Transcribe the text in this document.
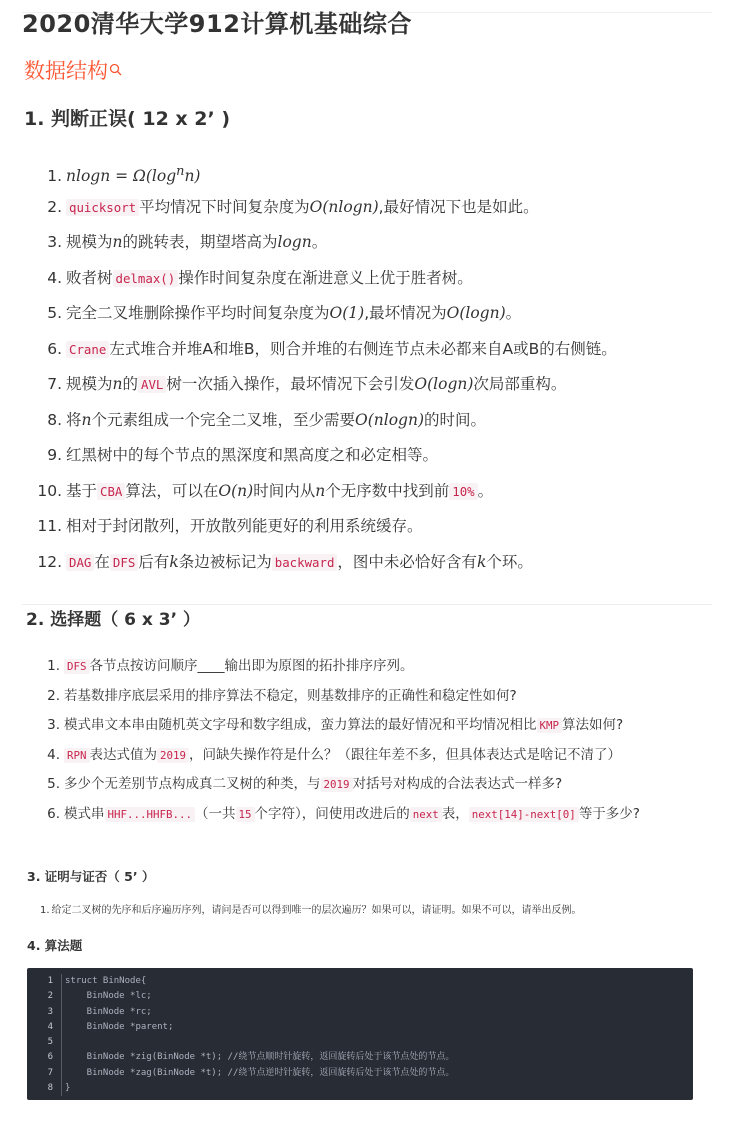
2020清华大学912计算机基础综合
数据结构
1. 判断正误( 12 x 2’ )
1. $nlogn = \Omega(\log^nn)$
2. quicksort 平均情况下时间复杂度为O(nlogn),最好情况下也是如此。
3. 规模为n的跳转表，期望塔高为logn。
4. 败者树 delmax() 操作时间复杂度在渐进意义上优于胜者树。
5. 完全二叉堆删除操作平均时间复杂度为O(1),最坏情况为O(logn)。
6. Crane 左式堆合并堆A和堆B，则合并堆的右侧连节点未必都来自A或B的右侧链。
7. 规模为n的 AVL 树一次插入操作，最坏情况下会引发O(logn)次局部重构。
8. 将n个元素组成一个完全二叉堆，至少需要O(nlogn)的时间。
9. 红黑树中的每个节点的黑深度和黑高度之和必定相等。
10. 基于 CBA 算法，可以在O(n)时间内从n个无序数中找到前 10% 。
11. 相对于封闭散列，开放散列能更好的利用系统缓存。
12. DAG 在 DFS 后有k条边被标记为 backward ，图中未必恰好含有k个环。
2. 选择题（ 6 x 3’ ）
1. DFS 各节点按访问顺序____输出即为原图的拓扑排序序列。
2. 若基数排序底层采用的排序算法不稳定，则基数排序的正确性和稳定性如何?
3. 模式串文本串由随机英文字母和数字组成，蛮力算法的最好情况和平均情况相比 KMP 算法如何?
4. RPN 表达式值为 2019 ，问缺失操作符是什么？（跟往年差不多，但具体表达式是啥记不清了）
5. 多少个无差别节点构成真二叉树的种类，与 2019 对括号对构成的合法表达式一样多?
6. 模式串 HHF...HHFB... （一共 15 个字符），问使用改进后的 next 表， next[14]-next[0] 等于多少?
3. 证明与证否（ 5’ ）
1. 给定二叉树的先序和后序遍历序列，请问是否可以得到唯一的层次遍历？如果可以，请证明。如果不可以，请举出反例。
4. 算法题
1 struct BinNode{
2 BinNode *lc;
3 BinNode *rc;
4 BinNode *parent;
5
6 BinNode *zig(BinNode *t); //绕节点顺时针旋转，返回旋转后处于该节点处的节点。
7 BinNode *zag(BinNode *t); //绕节点逆时针旋转，返回旋转后处于该节点处的节点。
8 }
